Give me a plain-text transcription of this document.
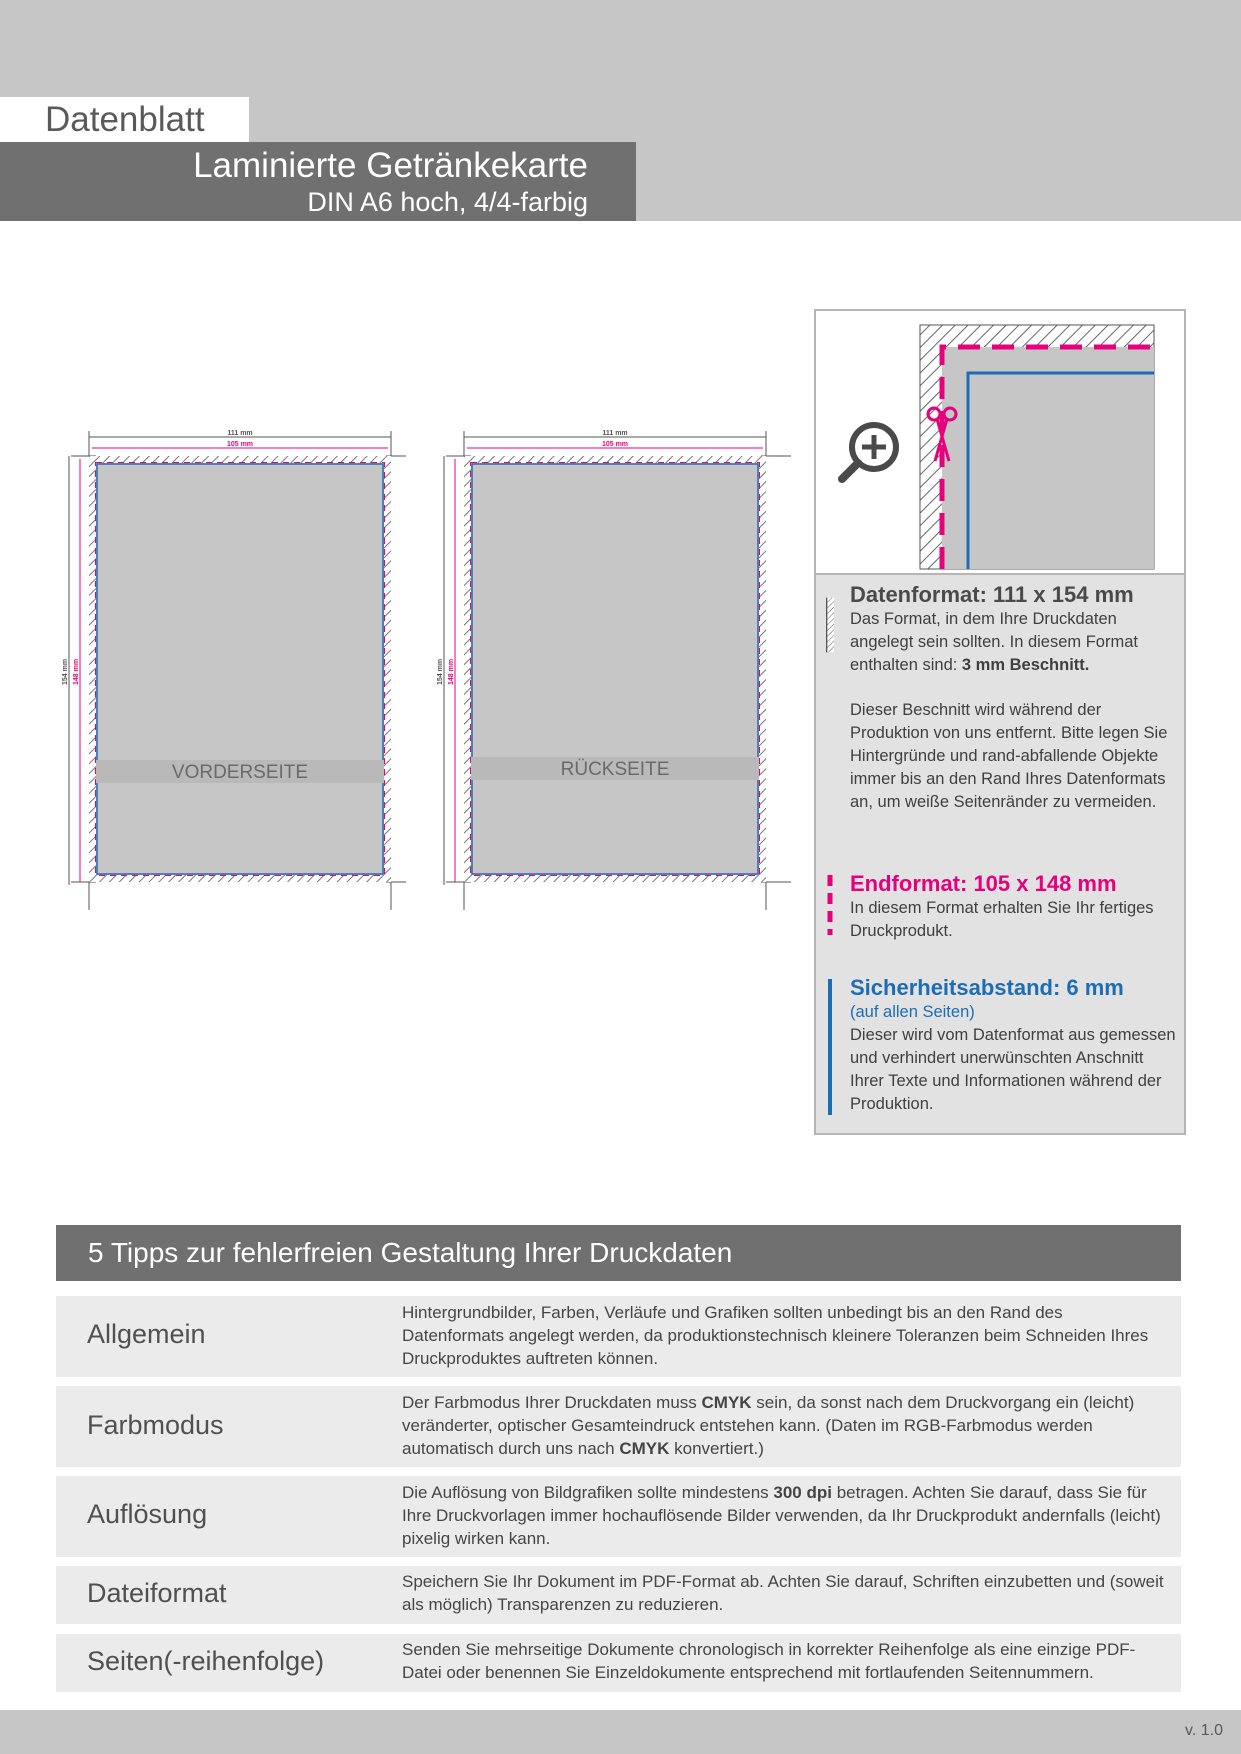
Datenblatt
Laminierte Getränkekarte
DIN A6 hoch, 4/4-farbig
111 mm
105 mm
154 mm 148 mm
VORDERSEITE
111 mm
105 mm
154 mm 148 mm
RÜCKSEITE
Datenformat: 111 x 154 mm

Das Format, in dem Ihre Druckdaten angelegt sein sollten. In diesem Format enthalten sind: 3 mm Beschnitt.

Dieser Beschnitt wird während der Produktion von uns entfernt. Bitte legen Sie Hintergründe und rand-abfallende Objekte immer bis an den Rand Ihres Datenformats an, um weiße Seitenränder zu vermeiden.

Endformat: 105 x 148 mm

In diesem Format erhalten Sie Ihr fertiges Druckprodukt.

Sicherheitsabstand: 6 mm

(auf allen Seiten)

Dieser wird vom Datenformat aus gemessen und verhindert unerwünschten Anschnitt Ihrer Texte und Informationen während der Produktion.

5 Tipps zur fehlerfreien Gestaltung Ihrer Druckdaten
Allgemein
Hintergrundbilder, Farben, Verläufe und Grafiken sollten unbedingt bis an den Rand des Datenformats angelegt werden, da produktionstechnisch kleinere Toleranzen beim Schneiden Ihres Druckproduktes auftreten können.
Farbmodus
Der Farbmodus Ihrer Druckdaten muss CMYK sein, da sonst nach dem Druckvorgang ein (leicht) veränderter, optischer Gesamteindruck entstehen kann. (Daten im RGB-Farbmodus werden automatisch durch uns nach CMYK konvertiert.)
Auflösung
Die Auflösung von Bildgrafiken sollte mindestens 300 dpi betragen. Achten Sie darauf, dass Sie für Ihre Druckvorlagen immer hochauflösende Bilder verwenden, da Ihr Druckprodukt andernfalls (leicht) pixelig wirken kann.
Dateiformat	Speichern Sie Ihr Dokument im PDF-Format ab. Achten Sie darauf, Schriften einzubetten und (soweit als möglich) Transparenzen zu reduzieren.
Seiten(-reihenfolge)	Senden Sie mehrseitige Dokumente chronologisch in korrekter Reihenfolge als eine einzige PDF-Datei oder benennen Sie Einzeldokumente entsprechend mit fortlaufenden Seitennummern.
v. 1.0
